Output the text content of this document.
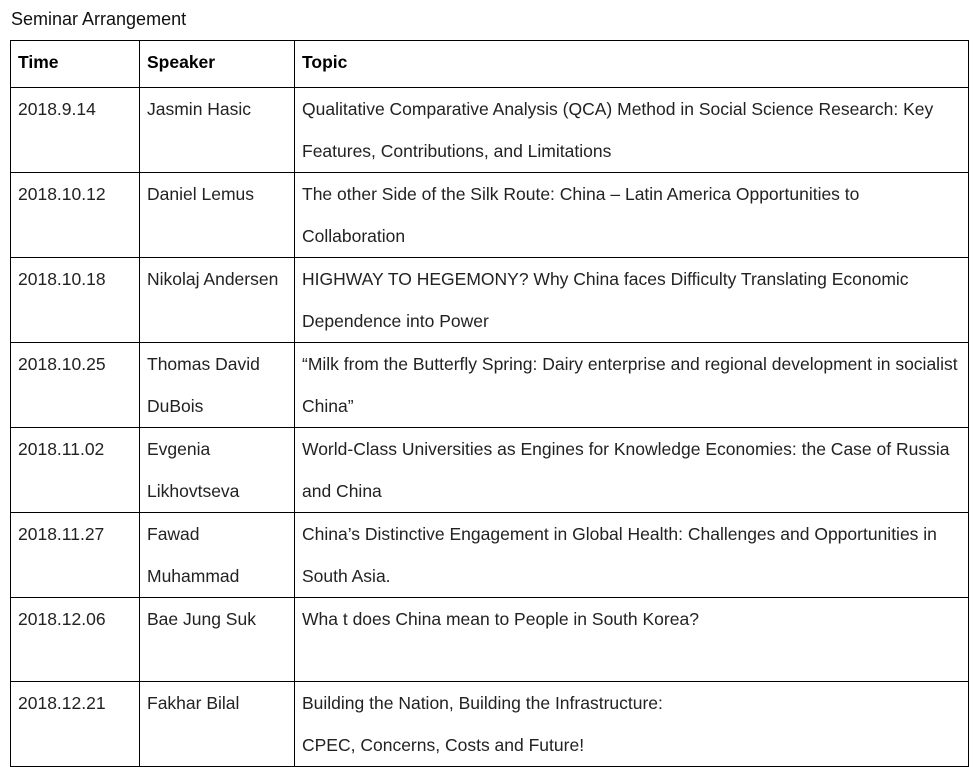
Seminar Arrangement
Time	Speaker	Topic
2018.9.14	Jasmin Hasic	Qualitative Comparative Analysis (QCA) Method in Social Science Research: Key Features, Contributions, and Limitations
2018.10.12	Daniel Lemus	The other Side of the Silk Route: China – Latin America Opportunities to Collaboration
2018.10.18	Nikolaj Andersen	HIGHWAY TO HEGEMONY? Why China faces Difficulty Translating Economic Dependence into Power
2018.10.25	Thomas David DuBois	“Milk from the Butterfly Spring: Dairy enterprise and regional development in socialist China”
2018.11.02	Evgenia Likhovtseva	World-Class Universities as Engines for Knowledge Economies: the Case of Russia and China
2018.11.27	Fawad Muhammad	China’s Distinctive Engagement in Global Health: Challenges and Opportunities in South Asia.
2018.12.06	Bae Jung Suk	Wha t does China mean to People in South Korea?
2018.12.21	Fakhar Bilal	Building the Nation, Building the Infrastructure:
CPEC, Concerns, Costs and Future!
